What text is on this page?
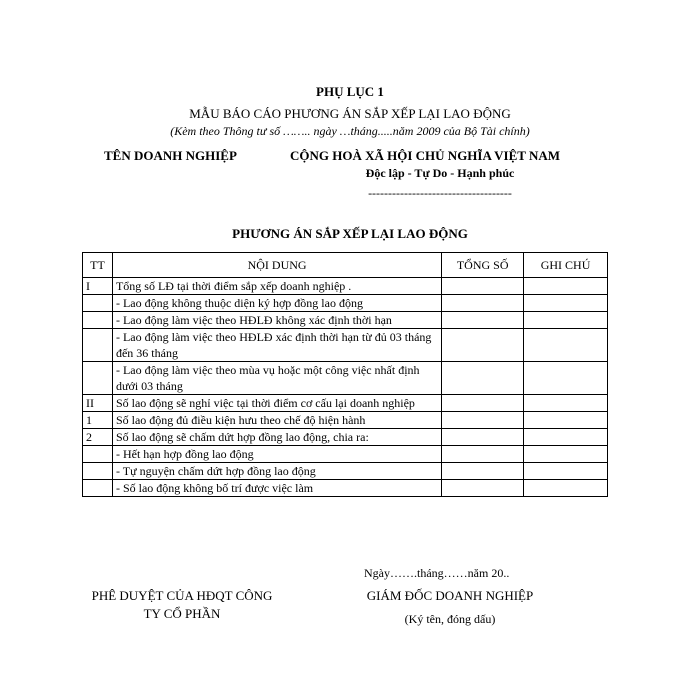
PHỤ LỤC 1
MẪU BÁO CÁO PHƯƠNG ÁN SẮP XẾP LẠI LAO ĐỘNG
(Kèm theo Thông tư số …….. ngày …tháng.....năm 2009 của Bộ Tài chính)
TÊN DOANH NGHIỆP	CỘNG HOÀ XÃ HỘI CHỦ NGHĨA VIỆT NAM
Độc lập - Tự Do - Hạnh phúc
------------------------------------
PHƯƠNG ÁN SẮP XẾP LẠI LAO ĐỘNG
TT	NỘI DUNG	TỔNG SỐ	GHI CHÚ
I	Tổng số LĐ tại thời điểm sắp xếp doanh nghiệp .		
	- Lao động không thuộc diện ký hợp đồng lao động		
	- Lao động làm việc theo HĐLĐ không xác định thời hạn		
	- Lao động làm việc theo HĐLĐ xác định thời hạn từ đủ 03 tháng đến 36 tháng		
	- Lao động làm việc theo mùa vụ hoặc một công việc nhất định dưới 03 tháng		
II	Số lao động sẽ nghỉ việc tại thời điểm cơ cấu lại doanh nghiệp		
1	Số lao động đủ điều kiện hưu theo chế độ hiện hành		
2	Số lao động sẽ chấm dứt hợp đồng lao động, chia ra:		
	- Hết hạn hợp đồng lao động		
	- Tự nguyện chấm dứt hợp đồng lao động		
	- Số lao động không bố trí được việc làm		
Ngày…….tháng……năm 20..
PHÊ DUYỆT CỦA HĐQT CÔNG
TY CỔ PHẦN
GIÁM ĐỐC DOANH NGHIỆP
(Ký tên, đóng dấu)
